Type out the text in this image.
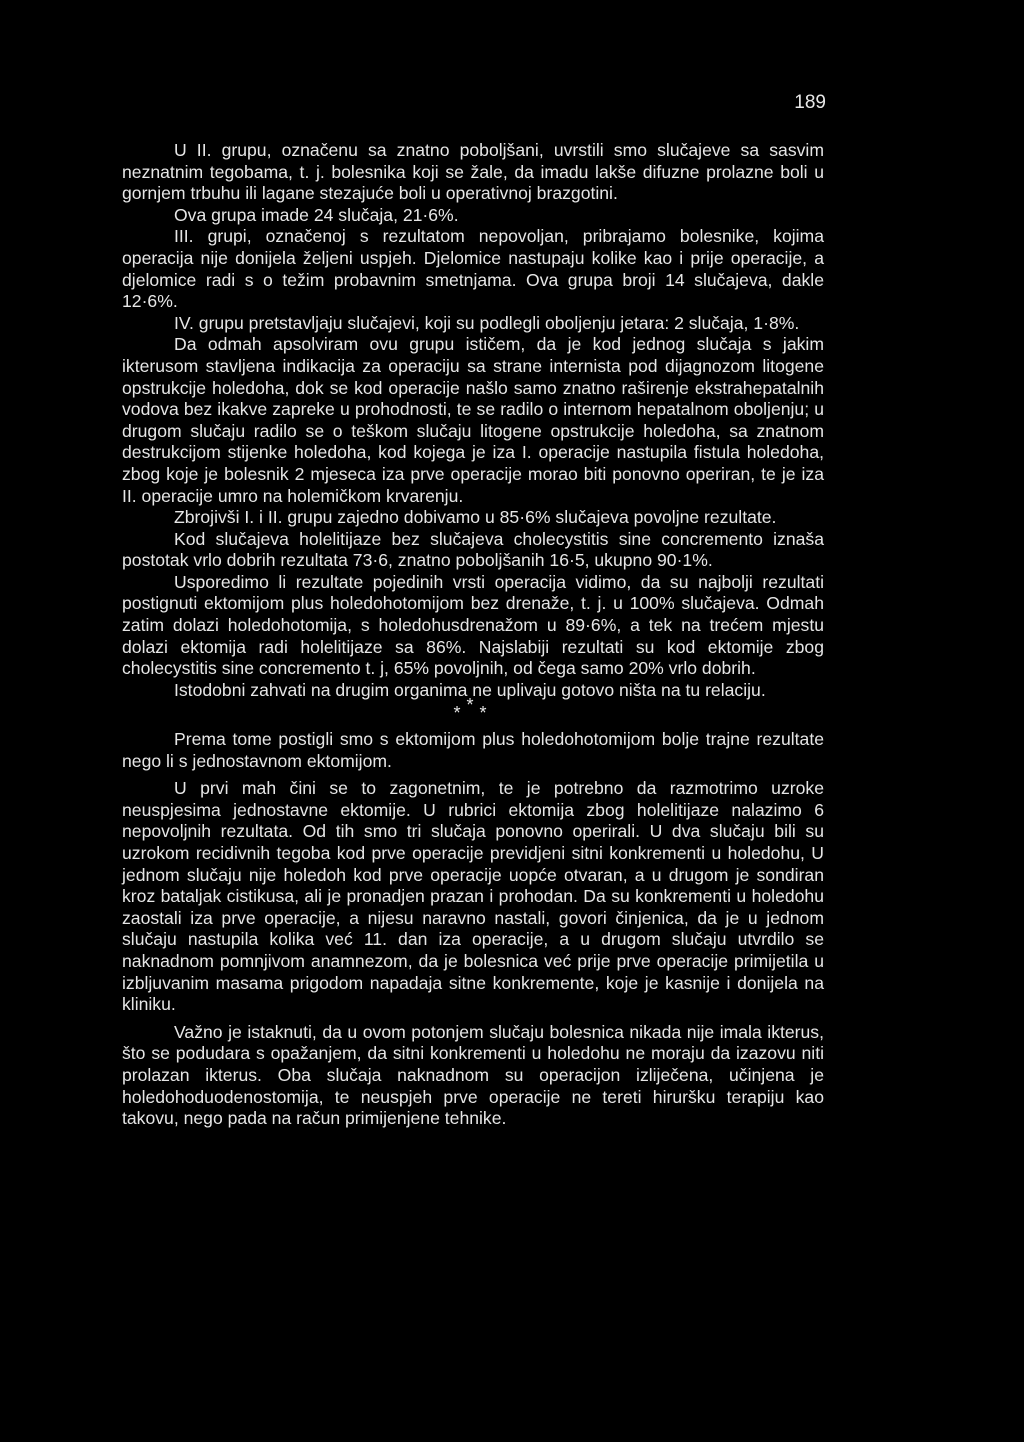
189

U II. grupu, označenu sa znatno poboljšani, uvrstili smo slučajeve sa sasvim neznatnim tegobama, t. j. bolesnika koji se žale, da imadu lakše difuzne prolazne boli u gornjem trbuhu ili lagane stezajuće boli u operativnoj brazgotini.

Ova grupa imade 24 slučaja, 21·6%.

III. grupi, označenoj s rezultatom nepovoljan, pribrajamo bolesnike, kojima operacija nije donijela željeni uspjeh. Djelomice nastupaju kolike kao i prije operacije, a djelomice radi s o težim probavnim smetnjama. Ova grupa broji 14 slučajeva, dakle 12·6%.

IV. grupu pretstavljaju slučajevi, koji su podlegli oboljenju jetara: 2 slučaja, 1·8%.

Da odmah apsolviram ovu grupu ističem, da je kod jednog slučaja s jakim ikterusom stavljena indikacija za operaciju sa strane internista pod dijagnozom litogene opstrukcije holedoha, dok se kod operacije našlo samo znatno raširenje ekstrahepatalnih vodova bez ikakve zapreke u prohodnosti, te se radilo o internom hepatalnom oboljenju; u drugom slučaju radilo se o teškom slučaju litogene opstrukcije holedoha, sa znatnom destrukcijom stijenke holedoha, kod kojega je iza I. operacije nastupila fistula holedoha, zbog koje je bolesnik 2 mjeseca iza prve operacije morao biti ponovno operiran, te je iza II. operacije umro na holemičkom krvarenju.

Zbrojivši I. i II. grupu zajedno dobivamo u 85·6% slučajeva povoljne rezultate.

Kod slučajeva holelitijaze bez slučajeva cholecystitis sine concremento iznaša postotak vrlo dobrih rezultata 73·6, znatno poboljšanih 16·5, ukupno 90·1%.

Usporedimo li rezultate pojedinih vrsti operacija vidimo, da su najbolji rezultati postignuti ektomijom plus holedohotomijom bez drenaže, t. j. u 100% slučajeva. Odmah zatim dolazi holedohotomija, s holedohusdrenažom u 89·6%, a tek na trećem mjestu dolazi ektomija radi holelitijaze sa 86%. Najslabiji rezultati su kod ektomije zbog cholecystitis sine concremento t. j, 65% povoljnih, od čega samo 20% vrlo dobrih.

Istodobni zahvati na drugim organima ne uplivaju gotovo ništa na tu relaciju.

***

Prema tome postigli smo s ektomijom plus holedohotomijom bolje trajne rezultate nego li s jednostavnom ektomijom.

U prvi mah čini se to zagonetnim, te je potrebno da razmotrimo uzroke neuspjesima jednostavne ektomije. U rubrici ektomija zbog holelitijaze nalazimo 6 nepovoljnih rezultata. Od tih smo tri slučaja ponovno operirali. U dva slučaju bili su uzrokom recidivnih tegoba kod prve operacije previdjeni sitni konkrementi u holedohu, U jednom slučaju nije holedoh kod prve operacije uopće otvaran, a u drugom je sondiran kroz bataljak cistikusa, ali je pronadjen prazan i prohodan. Da su konkrementi u holedohu zaostali iza prve operacije, a nijesu naravno nastali, govori činjenica, da je u jednom slučaju nastupila kolika već 11. dan iza operacije, a u drugom slučaju utvrdilo se naknadnom pomnjivom anamnezom, da je bolesnica već prije prve operacije primijetila u izbljuvanim masama prigodom napadaja sitne konkremente, koje je kasnije i donijela na kliniku.

Važno je istaknuti, da u ovom potonjem slučaju bolesnica nikada nije imala ikterus, što se podudara s opažanjem, da sitni konkrementi u holedohu ne moraju da izazovu niti prolazan ikterus. Oba slučaja naknadnom su operacijon izliječena, učinjena je holedohoduodenostomija, te neuspjeh prve operacije ne tereti hiruršku terapiju kao takovu, nego pada na račun primijenjene tehnike.
